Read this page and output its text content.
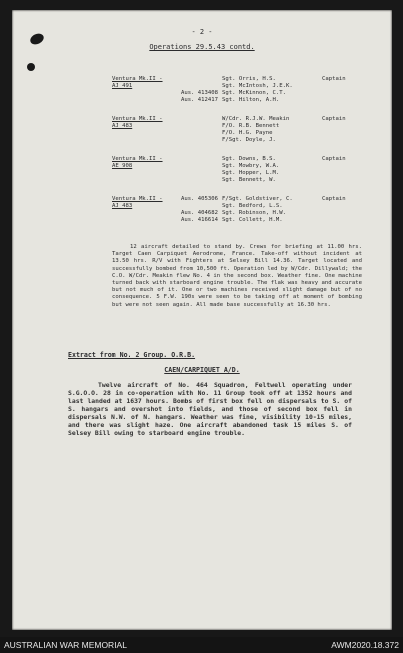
- 2 -
Operations 29.5.43 contd.
Ventura Mk.II -
AJ 491
Sgt. Orris, H.S.	Captain
Sgt. McIntosh, J.E.K.
Aus. 413408 Sgt. McKinnon, C.T.
Aus. 412417 Sgt. Hilton, A.H.
Ventura Mk.II -
AJ 483
W/Cdr. R.J.W. Meakin	Captain
F/O. R.B. Bennett
F/O. H.G. Payne
F/Sgt. Doyle, J.
Ventura Mk.II -
AE 908
Sgt. Downs, B.S.	Captain
Sgt. Mowbry, W.A.
Sgt. Hopper, L.M.
Sgt. Bennett, W.
Ventura Mk.II -
AJ 483
Aus. 405306 F/Sgt. Goldstiver, C.	Captain
Sgt. Bedford, L.S.
Aus. 404682 Sgt. Robinson, H.W.
Aus. 416614 Sgt. Collett, H.M.
12 aircraft detailed to stand by. Crews for briefing at 11.00 hrs. Target Caen Carpiquet Aerodrome, France. Take-off without incident at 13.50 hrs. R/V with Fighters at Selsey Bill 14.36. Target located and successfully bombed from 10,500 ft. Operation led by W/Cdr. Dillywald; the C.O. W/Cdr. Meakin flew No. 4 in the second box. Weather fine. One machine turned back with starboard engine trouble. The flak was heavy and accurate but not much of it. One or two machines received slight damage but of no consequence. 5 F.W. 190s were seen to be taking off at moment of bombing but were not seen again. All made base successfully at 16.30 hrs.
Extract from No. 2 Group. O.R.B.
CAEN/CARPIQUET A/D.
Twelve aircraft of No. 464 Squadron, Feltwell operating under S.G.O.O. 28 in co-operation with No. 11 Group took off at 1352 hours and last landed at 1637 hours. Bombs of first box fell on dispersals to S. of S. hangars and overshot into fields, and those of second box fell in dispersals N.W. of N. hangars. Weather was fine, visibility 10-15 miles, and there was slight haze. One aircraft abandoned task 15 miles S. of Selsey Bill owing to starboard engine trouble.
AUSTRALIAN WAR MEMORIAL	AWM2020.18.372
